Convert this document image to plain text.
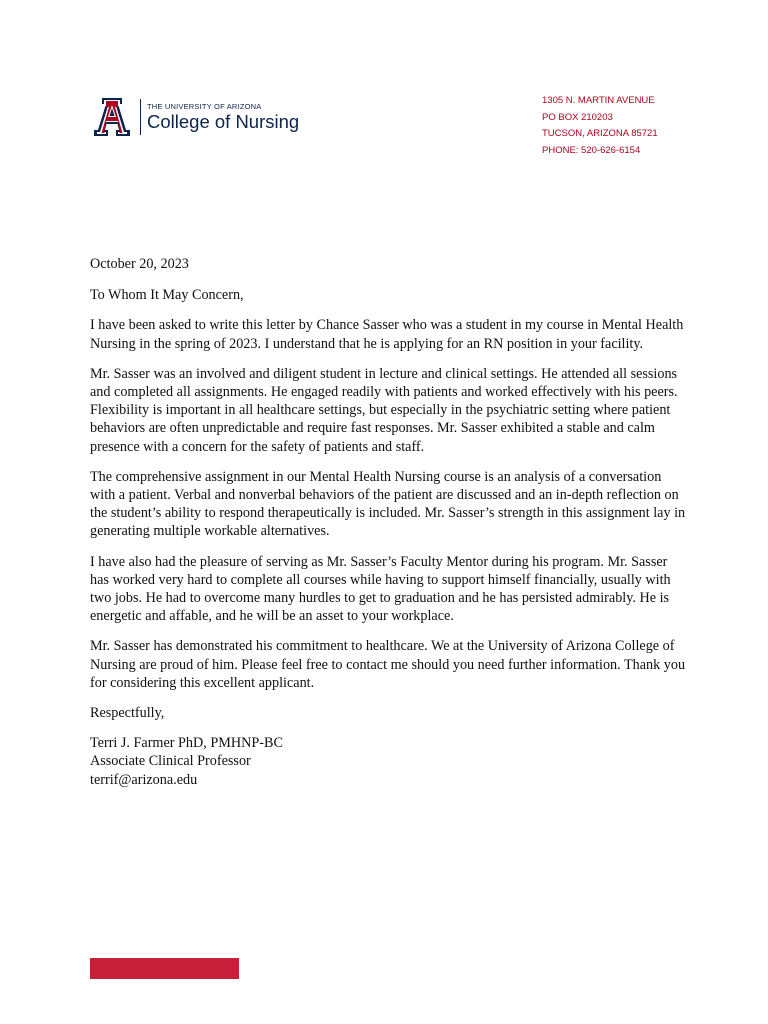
THE UNIVERSITY OF ARIZONA
College of Nursing
1305 N. MARTIN AVENUE
PO BOX 210203
TUCSON, ARIZONA 85721
PHONE: 520-626-6154

October 20, 2023

To Whom It May Concern,

I have been asked to write this letter by Chance Sasser who was a student in my course in Mental Health Nursing in the spring of 2023. I understand that he is applying for an RN position in your facility.

Mr. Sasser was an involved and diligent student in lecture and clinical settings. He attended all sessions and completed all assignments. He engaged readily with patients and worked effectively with his peers. Flexibility is important in all healthcare settings, but especially in the psychiatric setting where patient behaviors are often unpredictable and require fast responses. Mr. Sasser exhibited a stable and calm presence with a concern for the safety of patients and staff.

The comprehensive assignment in our Mental Health Nursing course is an analysis of a conversation with a patient. Verbal and nonverbal behaviors of the patient are discussed and an in-depth reflection on the student’s ability to respond therapeutically is included. Mr. Sasser’s strength in this assignment lay in generating multiple workable alternatives.

I have also had the pleasure of serving as Mr. Sasser’s Faculty Mentor during his program. Mr. Sasser has worked very hard to complete all courses while having to support himself financially, usually with two jobs. He had to overcome many hurdles to get to graduation and he has persisted admirably. He is energetic and affable, and he will be an asset to your workplace.

Mr. Sasser has demonstrated his commitment to healthcare. We at the University of Arizona College of Nursing are proud of him. Please feel free to contact me should you need further information. Thank you for considering this excellent applicant.

Respectfully,

Terri J. Farmer PhD, PMHNP-BC
Associate Clinical Professor
terrif@arizona.edu
